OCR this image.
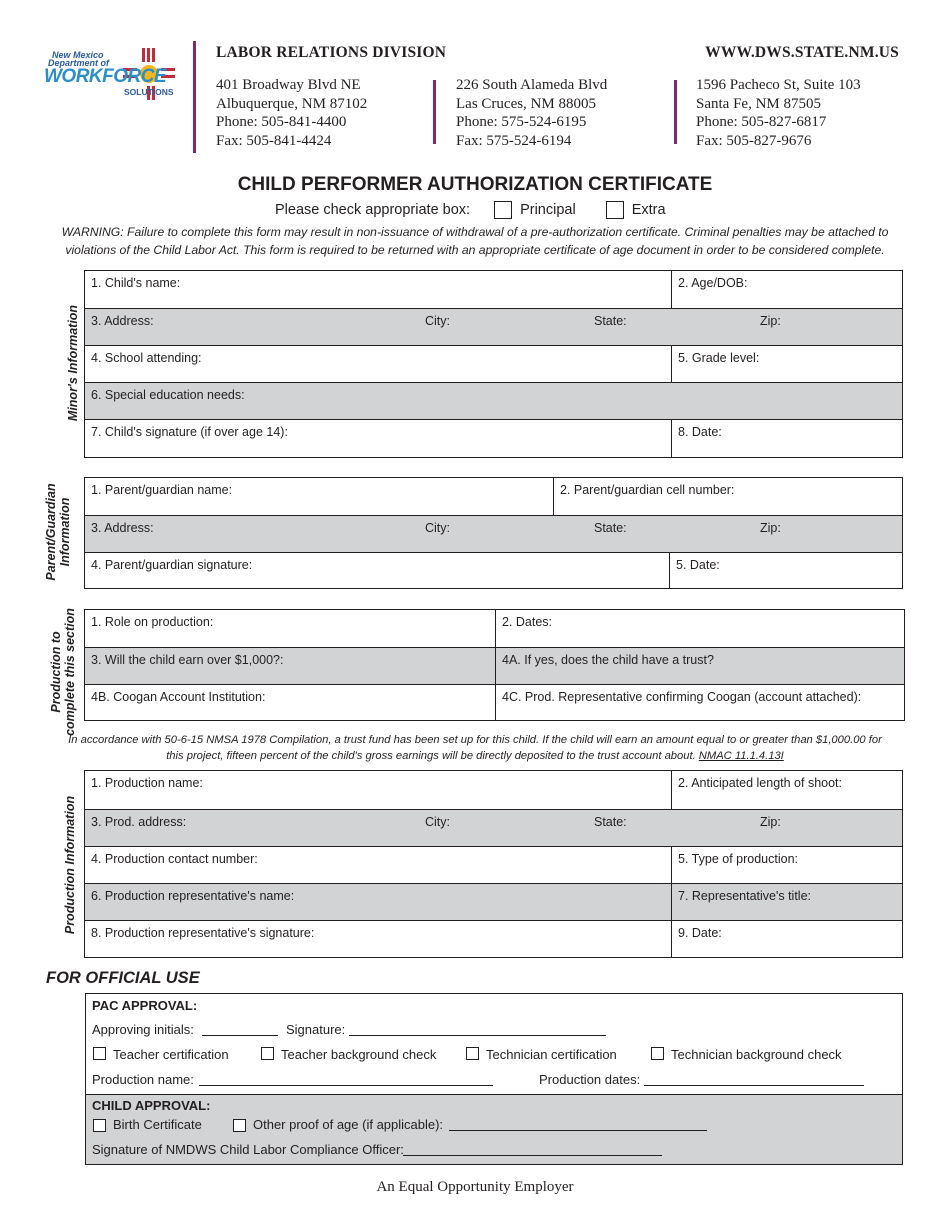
New Mexico
Department of
WORKFORCE
SOLUTIONS
LABOR RELATIONS DIVISION	WWW.DWS.STATE.NM.US
401 Broadway Blvd NE
Albuquerque, NM 87102
Phone: 505-841-4400
Fax: 505-841-4424
226 South Alameda Blvd
Las Cruces, NM 88005
Phone: 575-524-6195
Fax: 575-524-6194
1596 Pacheco St, Suite 103
Santa Fe, NM 87505
Phone: 505-827-6817
Fax: 505-827-9676
CHILD PERFORMER AUTHORIZATION CERTIFICATE
Please check appropriate box:	Principal	Extra
WARNING: Failure to complete this form may result in non-issuance of withdrawal of a pre-authorization certificate. Criminal penalties may be attached to violations of the Child Labor Act. This form is required to be returned with an appropriate certificate of age document in order to be considered complete.
Minor's Information
1. Child's name:	2. Age/DOB:
3. Address:	City:	State:	Zip:
4. School attending:	5. Grade level:
6. Special education needs:
7. Child's signature (if over age 14):	8. Date:
Parent/Guardian Information
1. Parent/guardian name:	2. Parent/guardian cell number:
3. Address:	City:	State:	Zip:
4. Parent/guardian signature:	5. Date:
Production to complete this section	1. Role on production:	2. Dates:
3. Will the child earn over $1,000?:	4A. If yes, does the child have a trust?
4B. Coogan Account Institution:	4C. Prod. Representative confirming Coogan (account attached):
In accordance with 50-6-15 NMSA 1978 Compilation, a trust fund has been set up for this child. If the child will earn an amount equal to or greater than $1,000.00 for this project, fifteen percent of the child's gross earnings will be directly deposited to the trust account about. NMAC 11.1.4.13I
Production Information
1. Production name:	2. Anticipated length of shoot:
3. Prod. address:	City:	State:	Zip:
4. Production contact number:	5. Type of production:
6. Production representative's name:	7. Representative's title:
8. Production representative's signature:	9. Date:
FOR OFFICIAL USE
PAC APPROVAL:
Approving initials:	Signature:
Teacher certification	Teacher background check	Technician certification	Technician background check
Production name:	Production dates:
CHILD APPROVAL:
Birth Certificate	Other proof of age (if applicable):
Signature of NMDWS Child Labor Compliance Officer:
An Equal Opportunity Employer
